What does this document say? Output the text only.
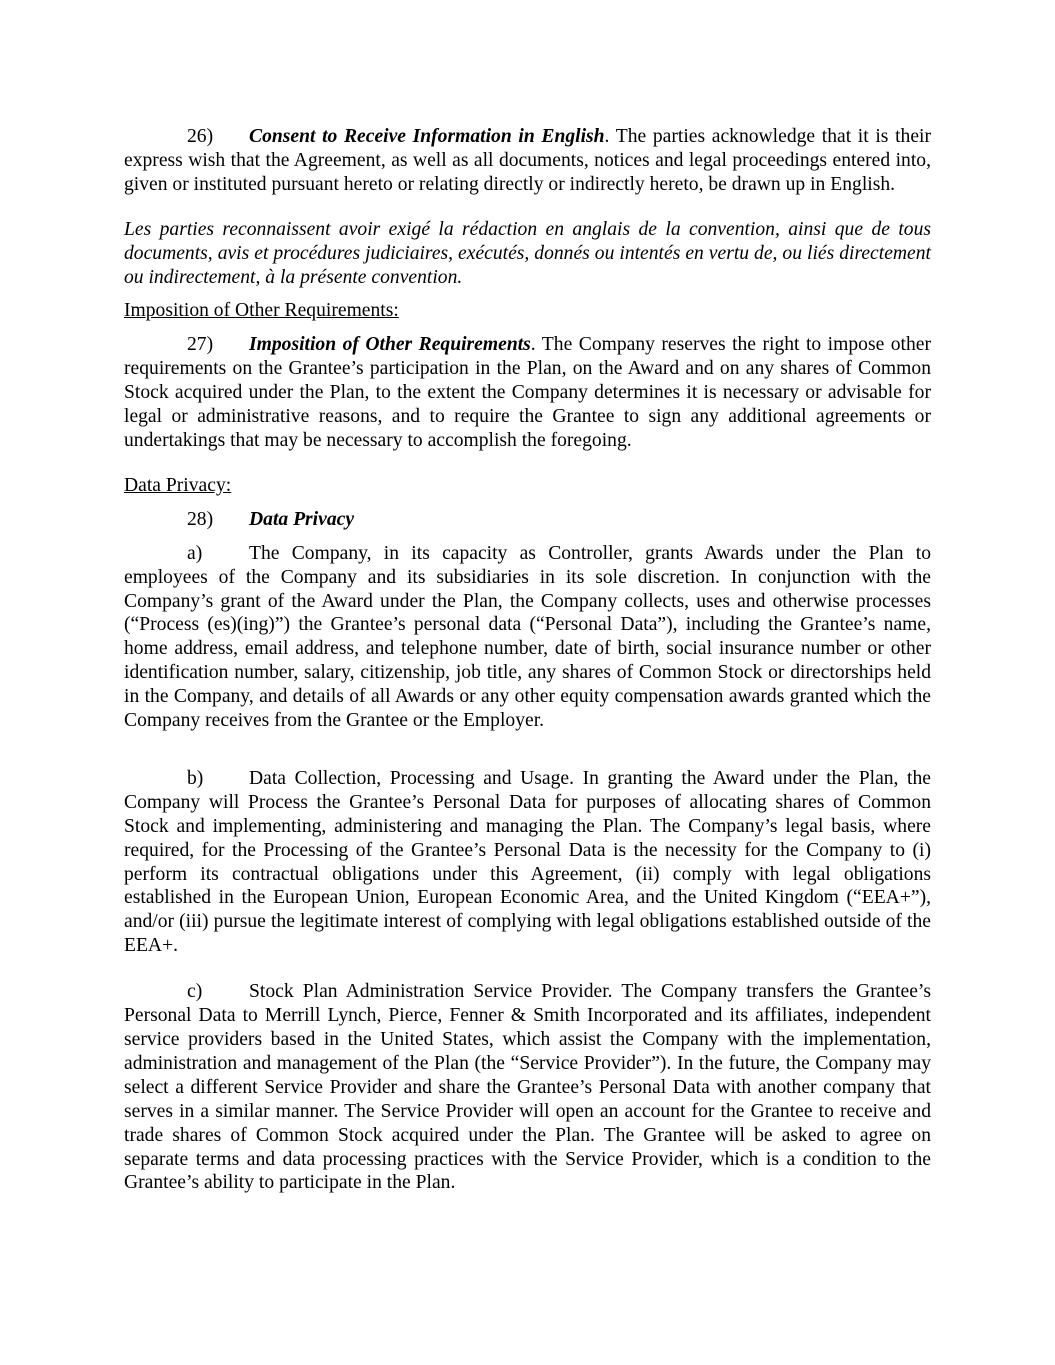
26) Consent to Receive Information in English. The parties acknowledge that it is their express wish that the Agreement, as well as all documents, notices and legal proceedings entered into, given or instituted pursuant hereto or relating directly or indirectly hereto, be drawn up in English.

Les parties reconnaissent avoir exigé la rédaction en anglais de la convention, ainsi que de tous documents, avis et procédures judiciaires, exécutés, donnés ou intentés en vertu de, ou liés directement ou indirectement, à la présente convention.

Imposition of Other Requirements:

27) Imposition of Other Requirements. The Company reserves the right to impose other requirements on the Grantee’s participation in the Plan, on the Award and on any shares of Common Stock acquired under the Plan, to the extent the Company determines it is necessary or advisable for legal or administrative reasons, and to require the Grantee to sign any additional agreements or undertakings that may be necessary to accomplish the foregoing.

Data Privacy:

28) Data Privacy

a) The Company, in its capacity as Controller, grants Awards under the Plan to employees of the Company and its subsidiaries in its sole discretion. In conjunction with the Company’s grant of the Award under the Plan, the Company collects, uses and otherwise processes (“Process (es)(ing)”) the Grantee’s personal data (“Personal Data”), including the Grantee’s name, home address, email address, and telephone number, date of birth, social insurance number or other identification number, salary, citizenship, job title, any shares of Common Stock or directorships held in the Company, and details of all Awards or any other equity compensation awards granted which the Company receives from the Grantee or the Employer.

b) Data Collection, Processing and Usage. In granting the Award under the Plan, the Company will Process the Grantee’s Personal Data for purposes of allocating shares of Common Stock and implementing, administering and managing the Plan. The Company’s legal basis, where required, for the Processing of the Grantee’s Personal Data is the necessity for the Company to (i) perform its contractual obligations under this Agreement, (ii) comply with legal obligations established in the European Union, European Economic Area, and the United Kingdom (“EEA+”), and/or (iii) pursue the legitimate interest of complying with legal obligations established outside of the EEA+.

c) Stock Plan Administration Service Provider. The Company transfers the Grantee’s Personal Data to Merrill Lynch, Pierce, Fenner & Smith Incorporated and its affiliates, independent service providers based in the United States, which assist the Company with the implementation, administration and management of the Plan (the “Service Provider”). In the future, the Company may select a different Service Provider and share the Grantee’s Personal Data with another company that serves in a similar manner. The Service Provider will open an account for the Grantee to receive and trade shares of Common Stock acquired under the Plan. The Grantee will be asked to agree on separate terms and data processing practices with the Service Provider, which is a condition to the Grantee’s ability to participate in the Plan.
